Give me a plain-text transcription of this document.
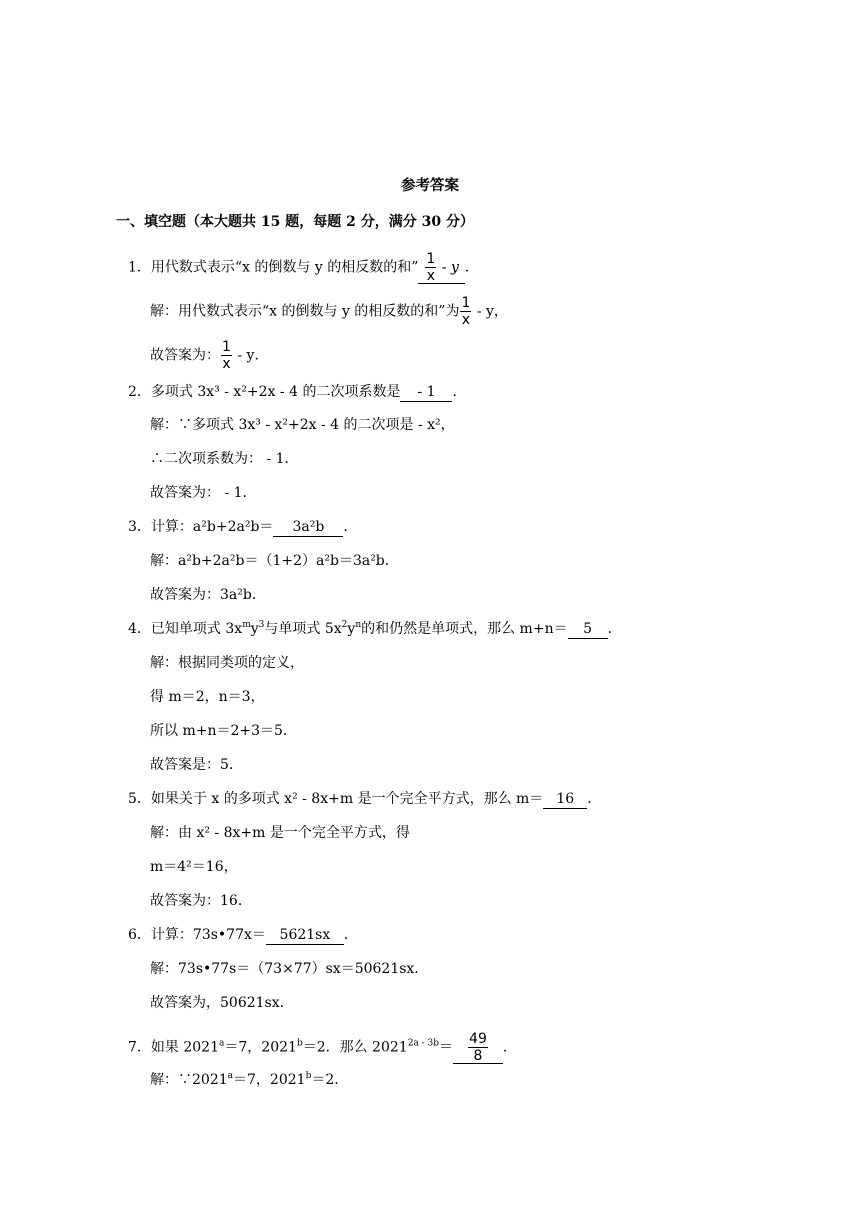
参考答案
一、填空题（本大题共 15 题，每题 2 分，满分 30 分）
1．用代数式表示“x 的倒数与 y 的相反数的和” $\frac{1}{x}$ - y ．
解：用代数式表示“x 的倒数与 y 的相反数的和”为 $\frac{1}{x}$ - y，
故答案为： $\frac{1}{x}$ - y．
2．多项式 3x³ - x²+2x - 4 的二次项系数是- 1 ．
解：∵多项式 3x³ - x²+2x - 4 的二次项是 - x²，
∴二次项系数为： - 1．
故答案为： - 1．
3．计算：a²b+2a²b＝ 3a²b ．
解：a²b+2a²b＝（1+2）a²b＝3a²b．
故答案为：3a²b．
4．已知单项式 $3x^my^3$与单项式 $5x^2y^n$的和仍然是单项式，那么 m+n＝ 5 ．
解：根据同类项的定义，
得 m＝2，n＝3，
所以 m+n＝2+3＝5．
故答案是：5．
5．如果关于 x 的多项式 x² - 8x+m 是一个完全平方式，那么 m＝ 16 ．
解：由 x² - 8x+m 是一个完全平方式，得
m＝4²＝16，
故答案为：16．
6．计算：73s•77x＝ 5621sx ．
解：73s•77s＝（73×77）sx＝50621sx．
故答案为，50621sx．
7．如果 $2021^a=7$，$2021^b=2$．那么 $2021^{2a - 3b}= \frac{49}{8}$ ．
解：$\because 2021^a=7$，$2021^b=2$．
